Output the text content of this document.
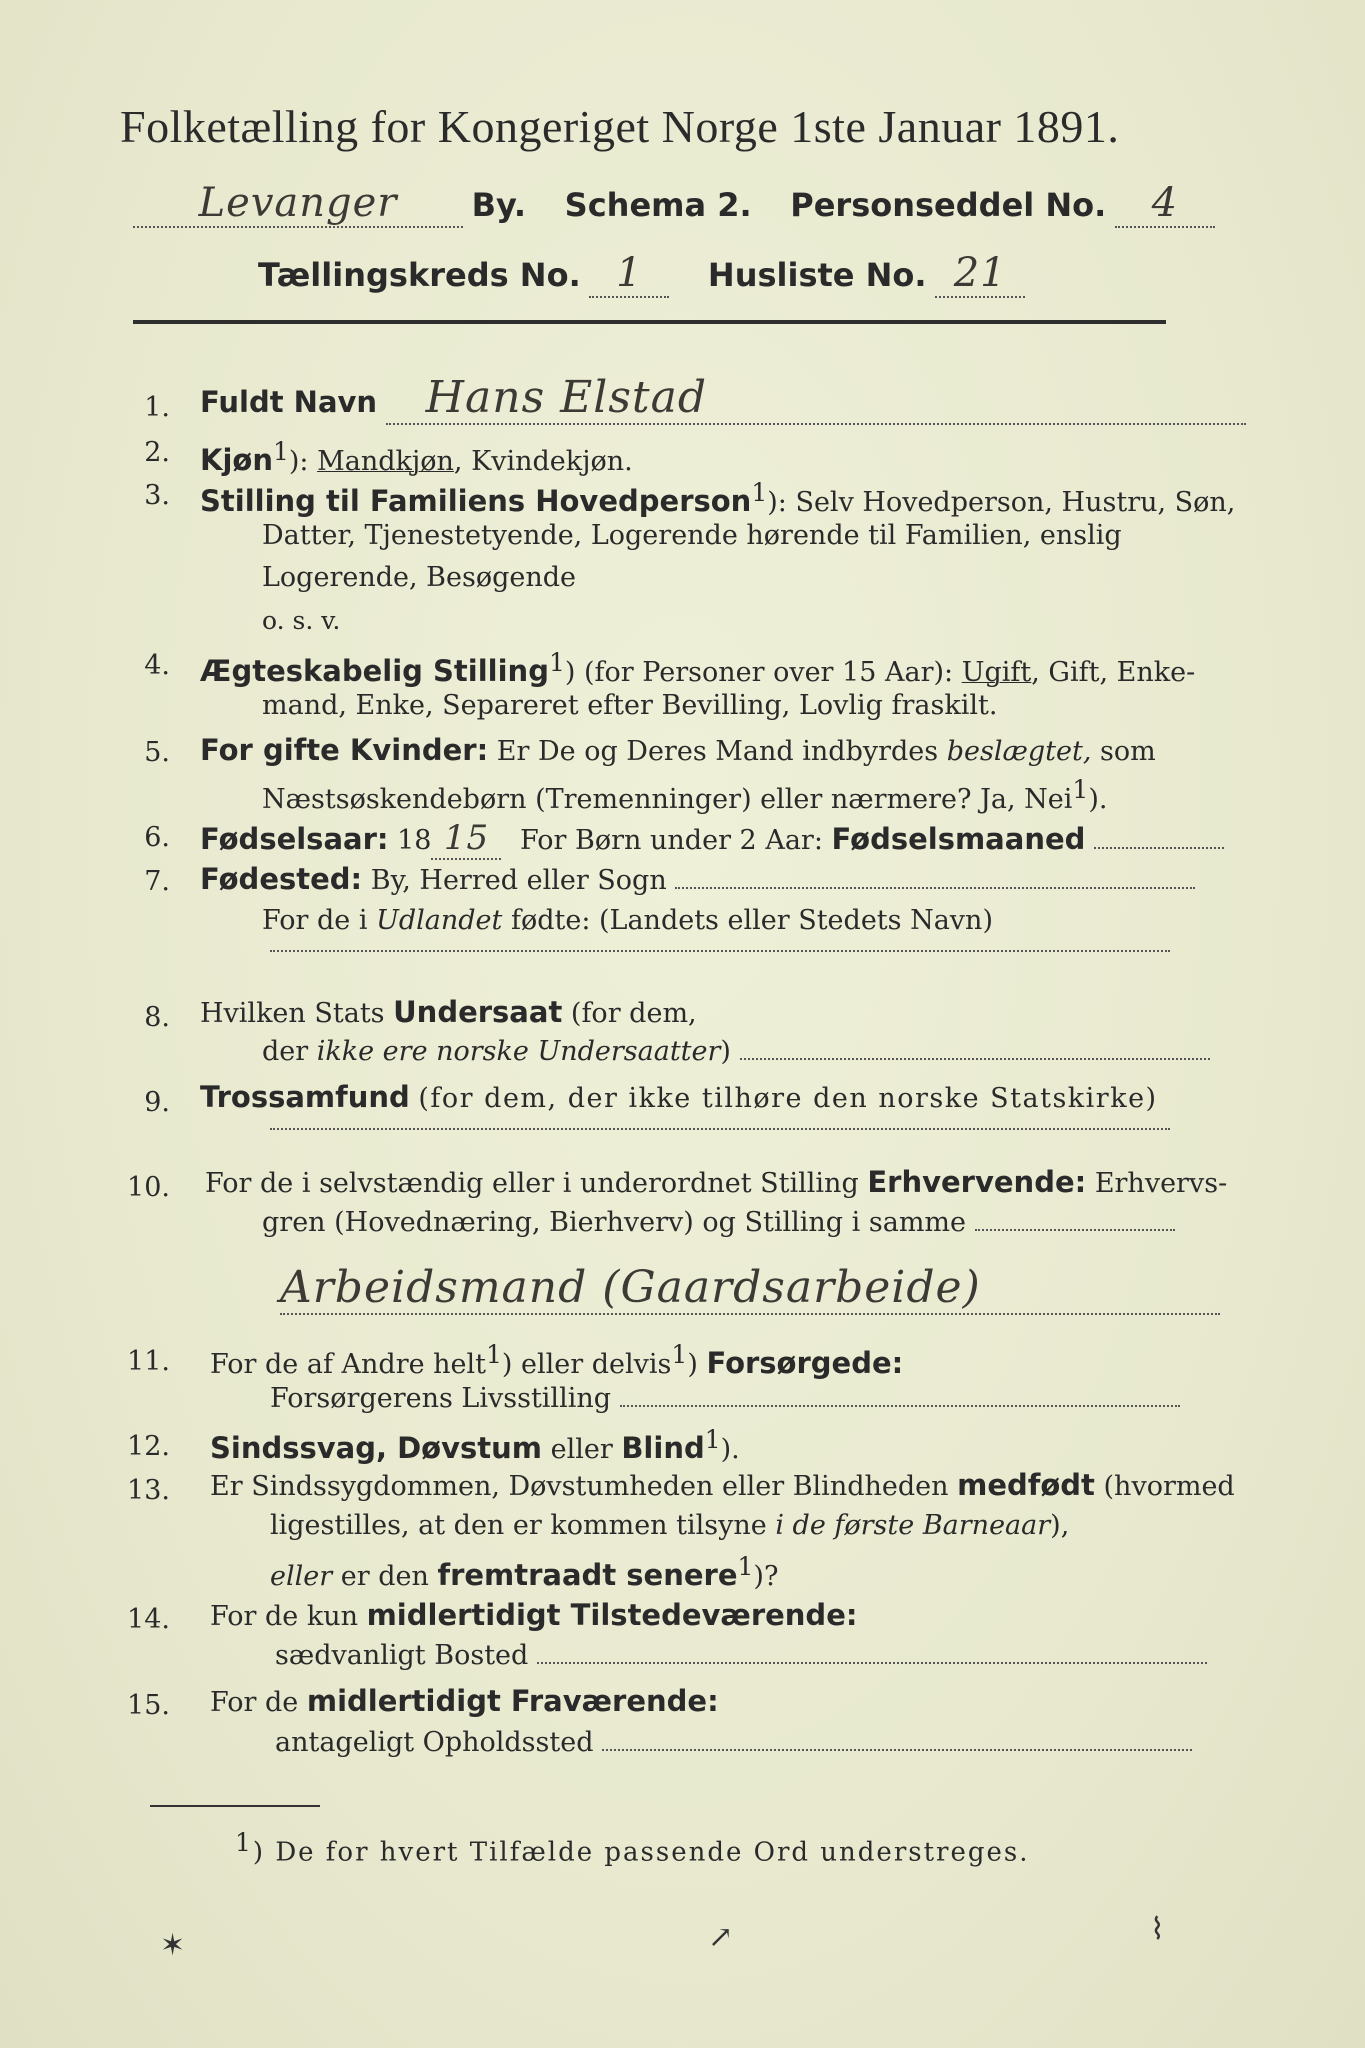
Folketælling for Kongeriget Norge 1ste Januar 1891.
Levanger By. Schema 2. Personseddel No. 4
Tællingskreds No. 1 Husliste No. 21
1. Fuldt Navn Hans Elstad
2. Kjøn$^1$): Mandkjøn, Kvindekjøn.
3. Stilling til Familiens Hovedperson$^1$): Selv Hovedperson, Hustru, Søn,
Datter, Tjenestetyende, Logerende hørende til Familien, enslig
Logerende, Besøgende
o. s. v.
4. Ægteskabelig Stilling$^1$) (for Personer over 15 Aar): Ugift, Gift, Enke-
mand, Enke, Separeret efter Bevilling, Lovlig fraskilt.
5. For gifte Kvinder: Er De og Deres Mand indbyrdes beslægtet, som
Næstsøskendebørn (Tremenninger) eller nærmere? Ja, Nei$^1$).
6. Fødselsaar: 18 15 For Børn under 2 Aar: Fødselsmaaned
7. Fødested: By, Herred eller Sogn
For de i Udlandet fødte: (Landets eller Stedets Navn)
8. Hvilken Stats Undersaat (for dem,
der ikke ere norske Undersaatter)
9. Trossamfund (for dem, der ikke tilhøre den norske Statskirke)
10. For de i selvstændig eller i underordnet Stilling Erhvervende: Erhvervs-
gren (Hovednæring, Bierhverv) og Stilling i samme
Arbeidsmand (Gaardsarbeide)
11. For de af Andre helt$^1$) eller delvis$^1$) Forsørgede:
Forsørgerens Livsstilling
12. Sindssvag, Døvstum eller Blind$^1$).
13. Er Sindssygdommen, Døvstumheden eller Blindheden medfødt (hvormed
ligestilles, at den er kommen tilsyne i de første Barneaar),
eller er den fremtraadt senere$^1$)?
14. For de kun midlertidigt Tilstedeværende:
sædvanligt Bosted
15. For de midlertidigt Fraværende:
antageligt Opholdssted
$^1$) De for hvert Tilfælde passende Ord understreges.
✶	↗	⌇
